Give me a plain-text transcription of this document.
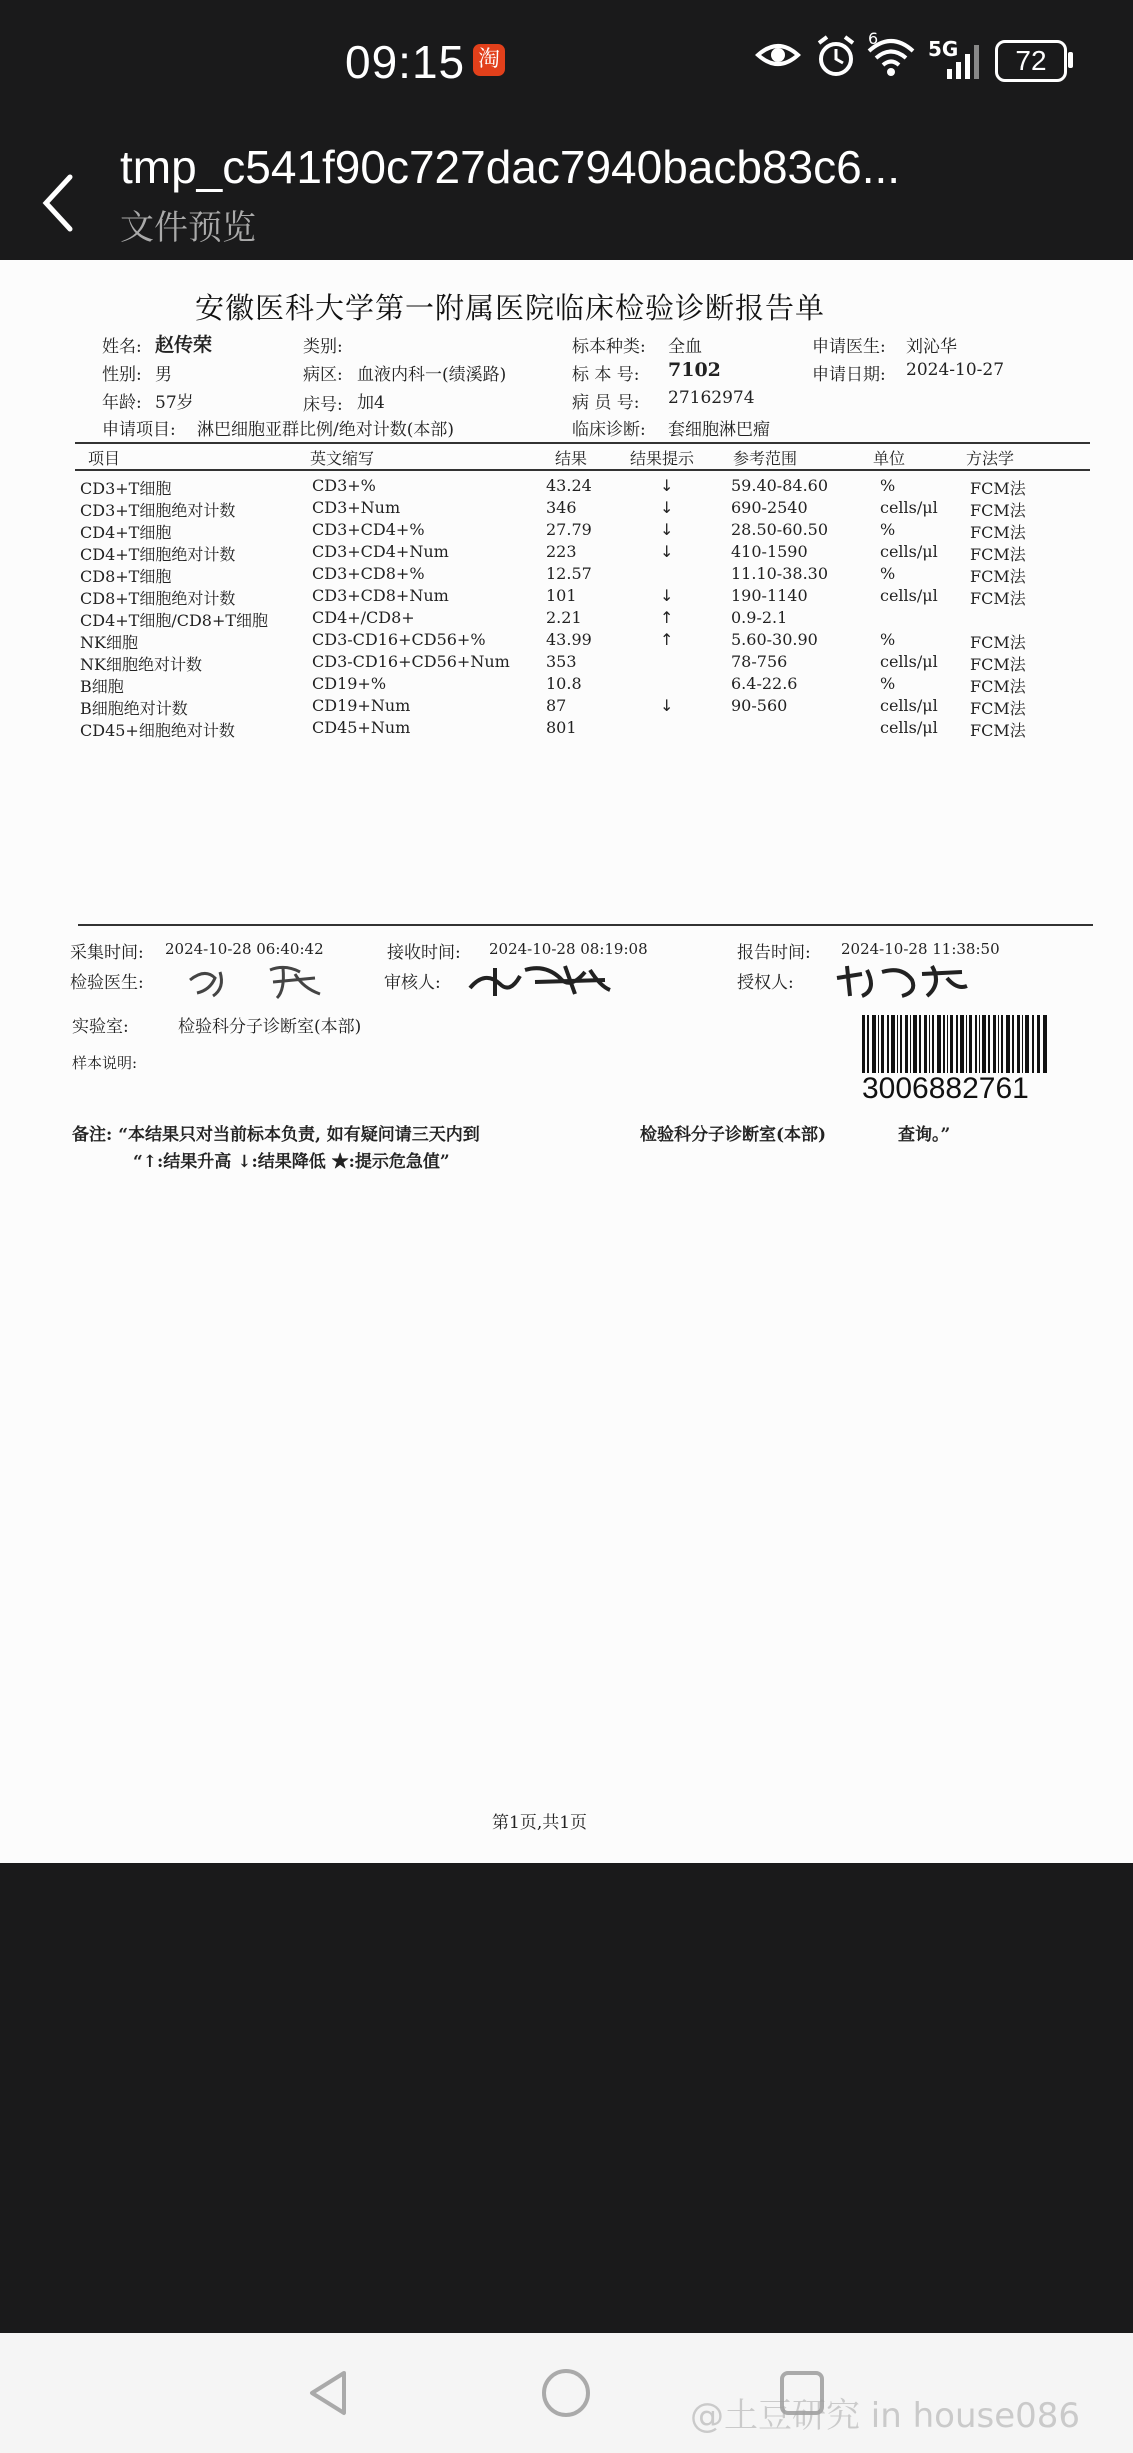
09:15 淘
6 5G	72
tmp_c541f90c727dac7940bacb83c6...
文件预览
安徽医科大学第一附属医院临床检验诊断报告单
姓名: 赵传荣
性别: 男
年龄: 57岁
申请项目: 淋巴细胞亚群比例/绝对计数(本部)
类别:
病区: 血液内科一(绩溪路)
床号: 加4
标本种类: 全血
标 本 号: 7102
病 员 号: 27162974
临床诊断: 套细胞淋巴瘤
申请医生: 刘沁华
申请日期: 2024-10-27
项目	英文缩写	结果	结果提示 参考范围	单位	方法学
CD3+T细胞	CD3+%	43.24	↓	59.40-84.60	%	FCM法
CD3+T细胞绝对计数	CD3+Num	346	↓	690-2540	cells/μl FCM法
CD4+T细胞	CD3+CD4+%	27.79	↓	28.50-60.50	%	FCM法
CD4+T细胞绝对计数	CD3+CD4+Num	223	↓	410-1590	cells/μl FCM法
CD8+T细胞	CD3+CD8+%	12.57	11.10-38.30	%	FCM法
CD8+T细胞绝对计数	CD3+CD8+Num	101	↓	190-1140	cells/μl FCM法
CD4+T细胞/CD8+T细胞	CD4+/CD8+	2.21	↑	0.9-2.1
NK细胞	CD3-CD16+CD56+%	43.99	↑	5.60-30.90	%	FCM法
NK细胞绝对计数	CD3-CD16+CD56+Num 353	78-756	cells/μl FCM法
B细胞	CD19+%	10.8	6.4-22.6	%	FCM法
B细胞绝对计数	CD19+Num	87	↓	90-560	cells/μl FCM法
CD45+细胞绝对计数	CD45+Num	801	cells/μl FCM法
采集时间: 2024-10-28 06:40:42	接收时间: 2024-10-28 08:19:08	报告时间: 2024-10-28 11:38:50
检验医生:	审核人:	授权人:
实验室:	检验科分子诊断室(本部)
样本说明:
3006882761
备注: “本结果只对当前标本负责, 如有疑问请三天内到	检验科分子诊断室(本部)	查询。”
“↑:结果升高 ↓:结果降低 ★:提示危急值”
第1页,共1页
@土豆研究 in house086
